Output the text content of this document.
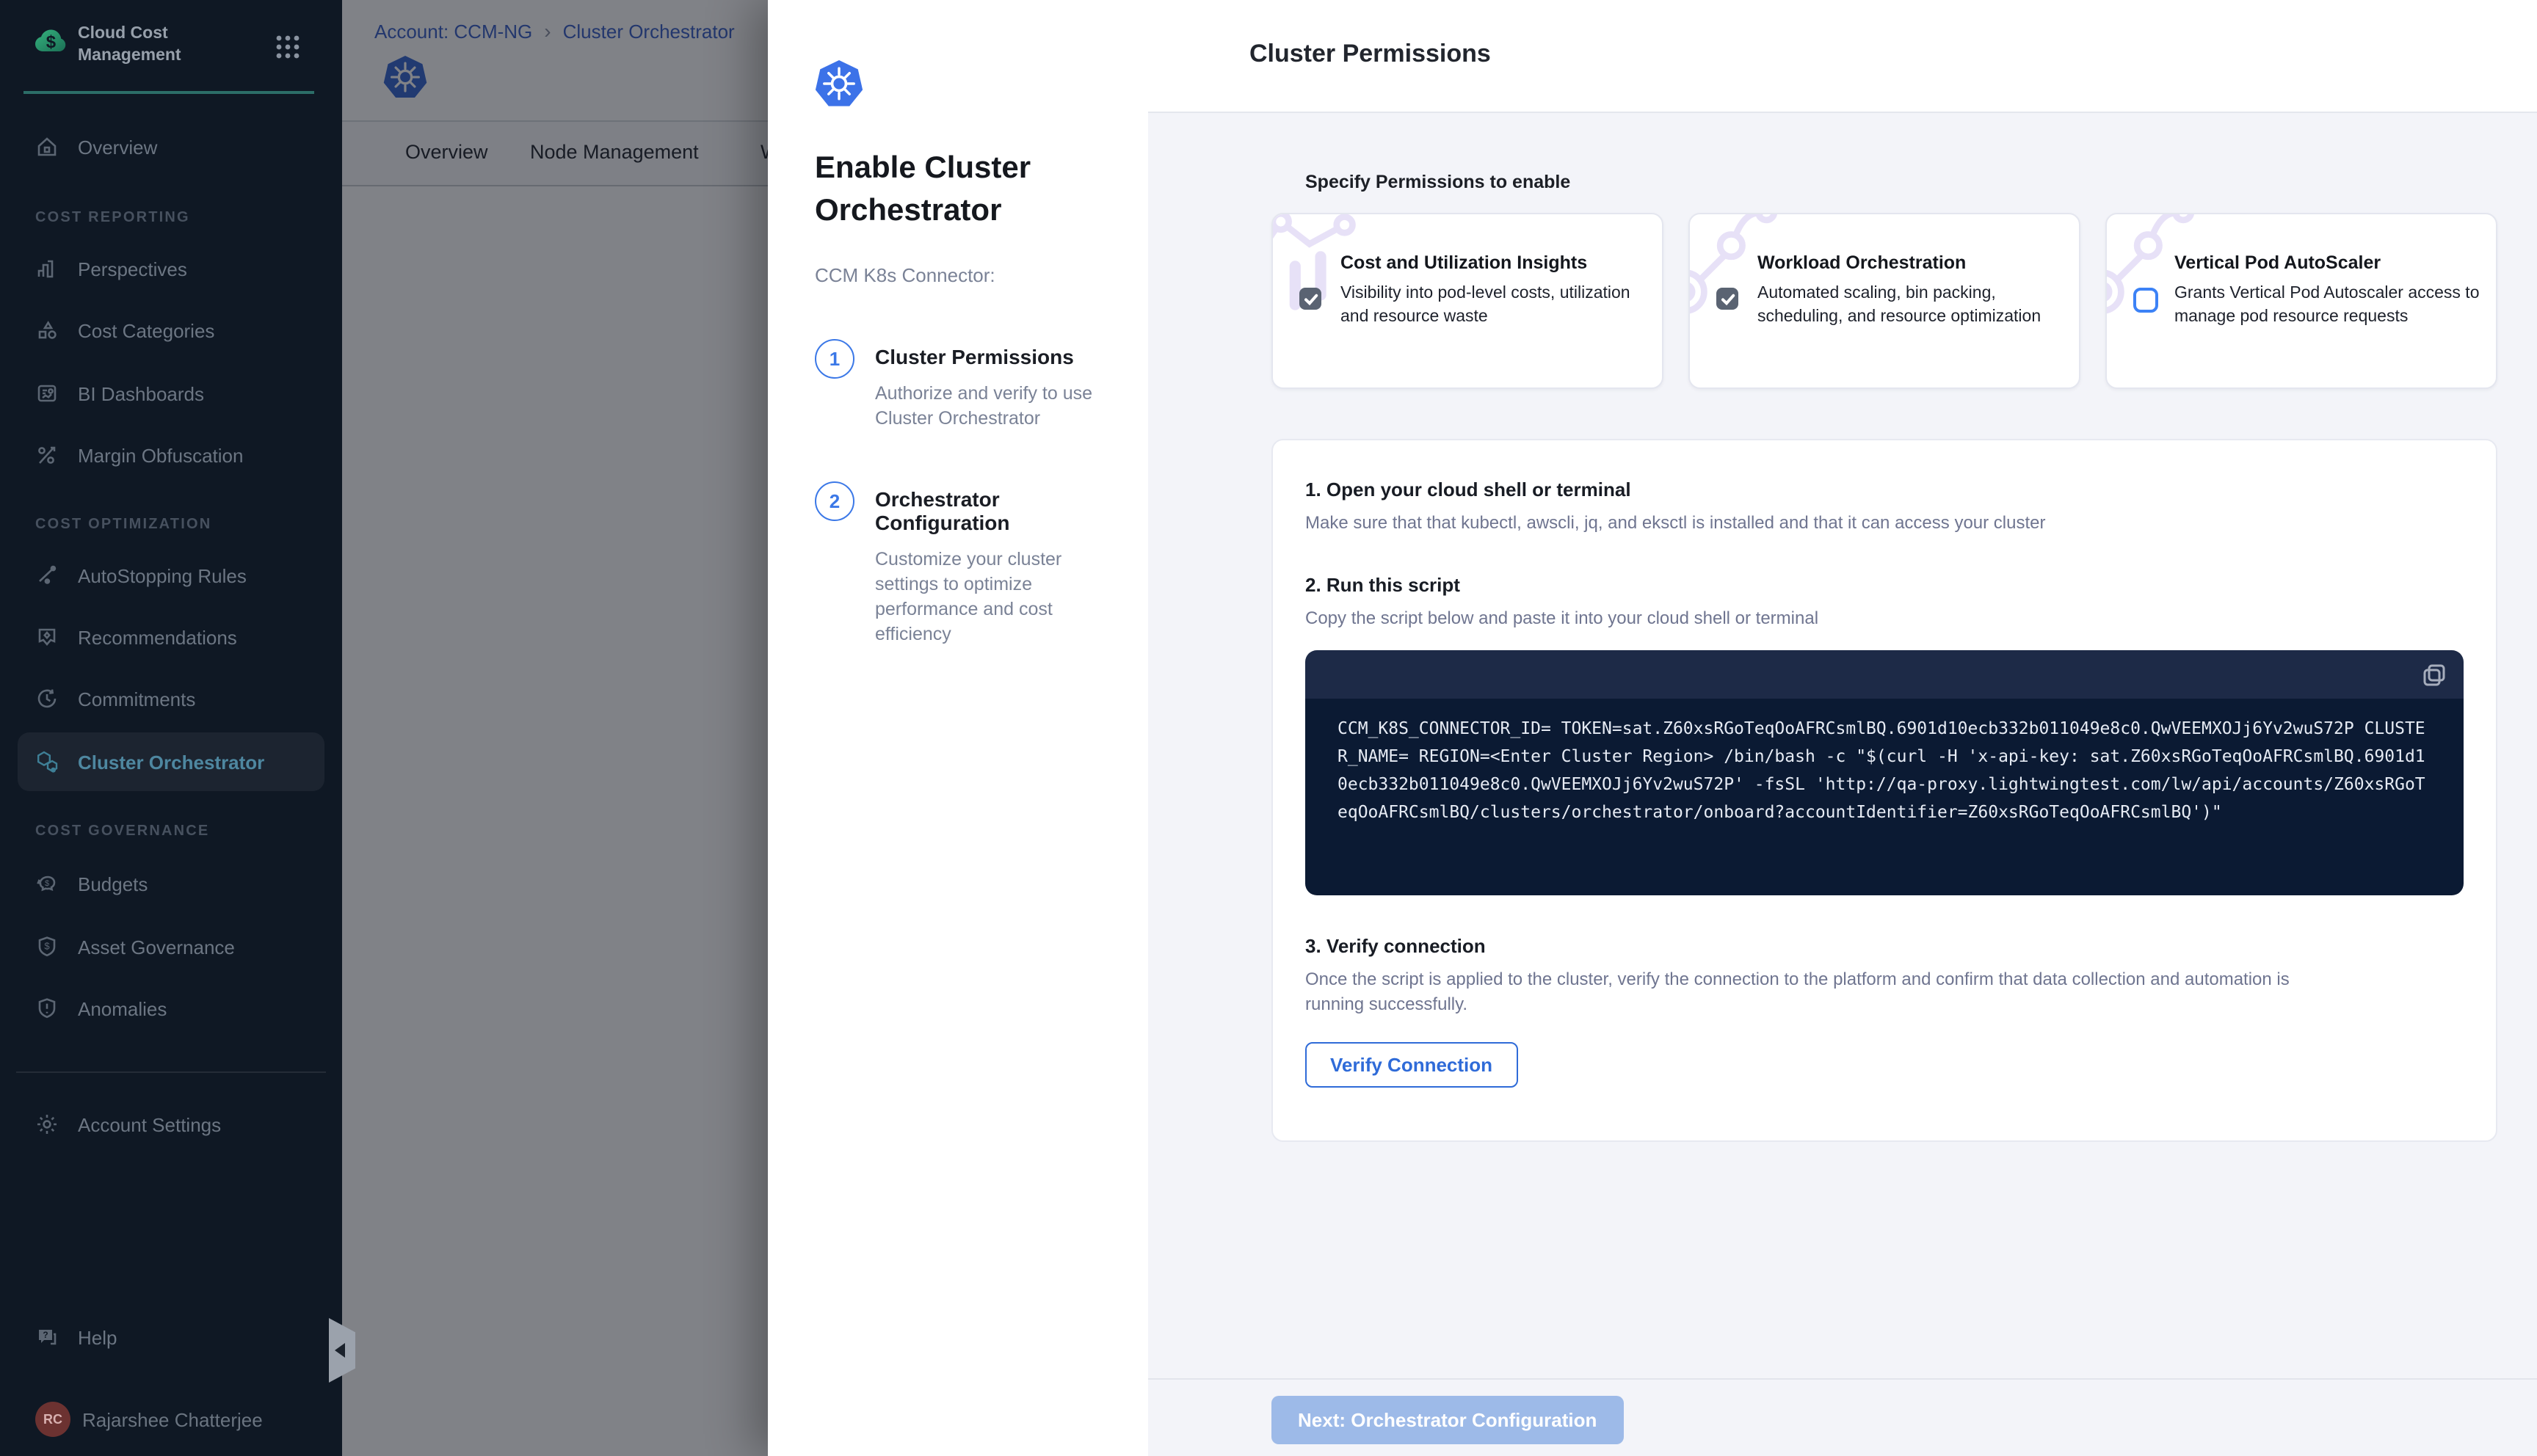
$	Cloud Cost Management
Overview
COST REPORTING
Perspectives
Cost Categories
BI Dashboards
Margin Obfuscation
COST OPTIMIZATION
AutoStopping Rules
Recommendations
Commitments
Cluster Orchestrator
COST GOVERNANCE
$	Budgets
$	Asset Governance
Anomalies
Account Settings
?	Help
RC	Rajarshee Chatterjee
Enable Cluster Orchestrator
CCM K8s Connector:
1	Cluster Permissions
Authorize and verify to use Cluster Orchestrator
2	Orchestrator Configuration
Customize your cluster settings to optimize performance and cost efficiency
Cluster Permissions
Specify Permissions to enable
Cost and Utilization Insights
Visibility into pod-level costs, utilization and resource waste
Workload Orchestration
Automated scaling, bin packing, scheduling, and resource optimization
Vertical Pod AutoScaler
Grants Vertical Pod Autoscaler access to manage pod resource requests
1. Open your cloud shell or terminal
Make sure that that kubectl, awscli, jq, and eksctl is installed and that it can access your cluster
2. Run this script
Copy the script below and paste it into your cloud shell or terminal
CCM_K8S_CONNECTOR_ID= TOKEN=sat.Z60xsRGoTeqOoAFRCsmlBQ.6901d10ecb332b011049e8c0.QwVEEMXOJj6Yv2wuS72P CLUSTER_NAME= REGION=<Enter Cluster Region> /bin/bash -c "$(curl -H 'x-api-key: sat.Z60xsRGoTeqOoAFRCsmlBQ.6901d10ecb332b011049e8c0.QwVEEMXOJj6Yv2wuS72P' -fsSL 'http://qa-proxy.lightwingtest.com/lw/api/accounts/Z60xsRGoTeqOoAFRCsmlBQ/clusters/orchestrator/onboard?accountIdentifier=Z60xsRGoTeqOoAFRCsmlBQ')"
3. Verify connection
Once the script is applied to the cluster, verify the connection to the platform and confirm that data collection and automation is running successfully.
Verify Connection
Next: Orchestrator Configuration
